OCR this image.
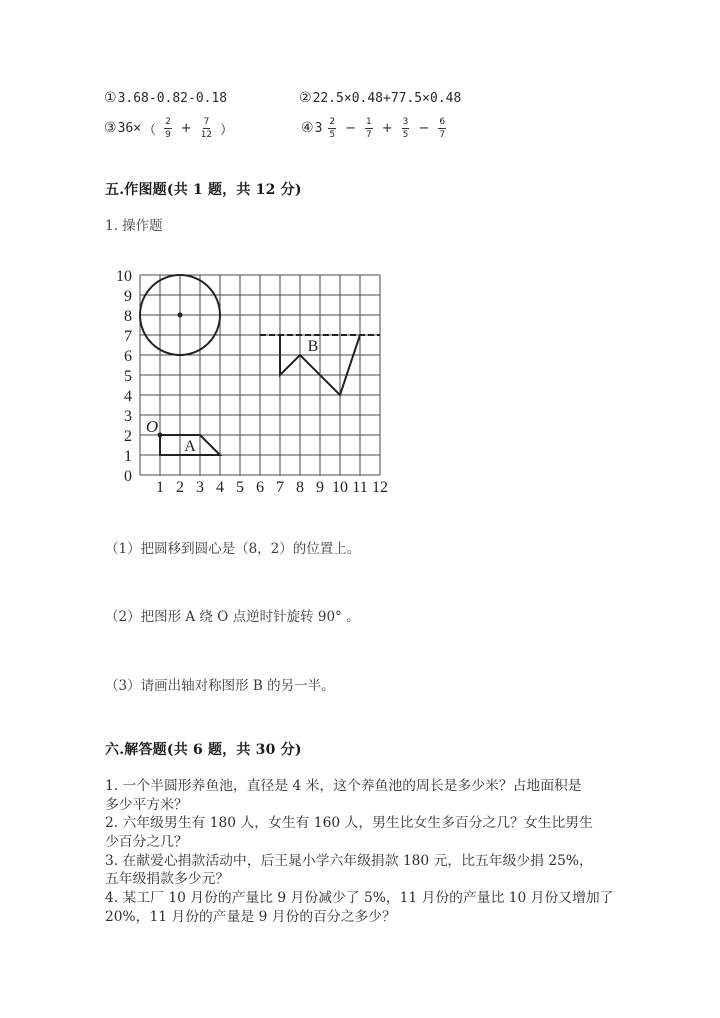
① 3.68-0.82-0.18	② 22.5×0.48+77.5×0.48
③ 36× （ $\frac{2}{9} + \frac{7}{12}$ ）	④ $3 \frac{2}{5} - \frac{1}{7} + \frac{3}{5} - \frac{6}{7}$
五.作图题(共 1 题，共 12 分)
1. 操作题
1 2 3 4 5 6 7 8 9 10 11 12
0
1
2
3
4
5
6
7
8
9
10
A
O
B
（1）把圆移到圆心是（8，2）的位置上。
（2）把图形 A 绕 O 点逆时针旋转 90° 。
（3）请画出轴对称图形 B 的另一半。
六.解答题(共 6 题，共 30 分)
1. 一个半圆形养鱼池，直径是 4 米，这个养鱼池的周长是多少米？占地面积是
多少平方米？
2. 六年级男生有 180 人，女生有 160 人，男生比女生多百分之几？女生比男生
少百分之几？
3. 在献爱心捐款活动中，后王晁小学六年级捐款 180 元，比五年级少捐 25%，
五年级捐款多少元？
4. 某工厂 10 月份的产量比 9 月份减少了 5%，11 月份的产量比 10 月份又增加了
20%，11 月份的产量是 9 月份的百分之多少？
